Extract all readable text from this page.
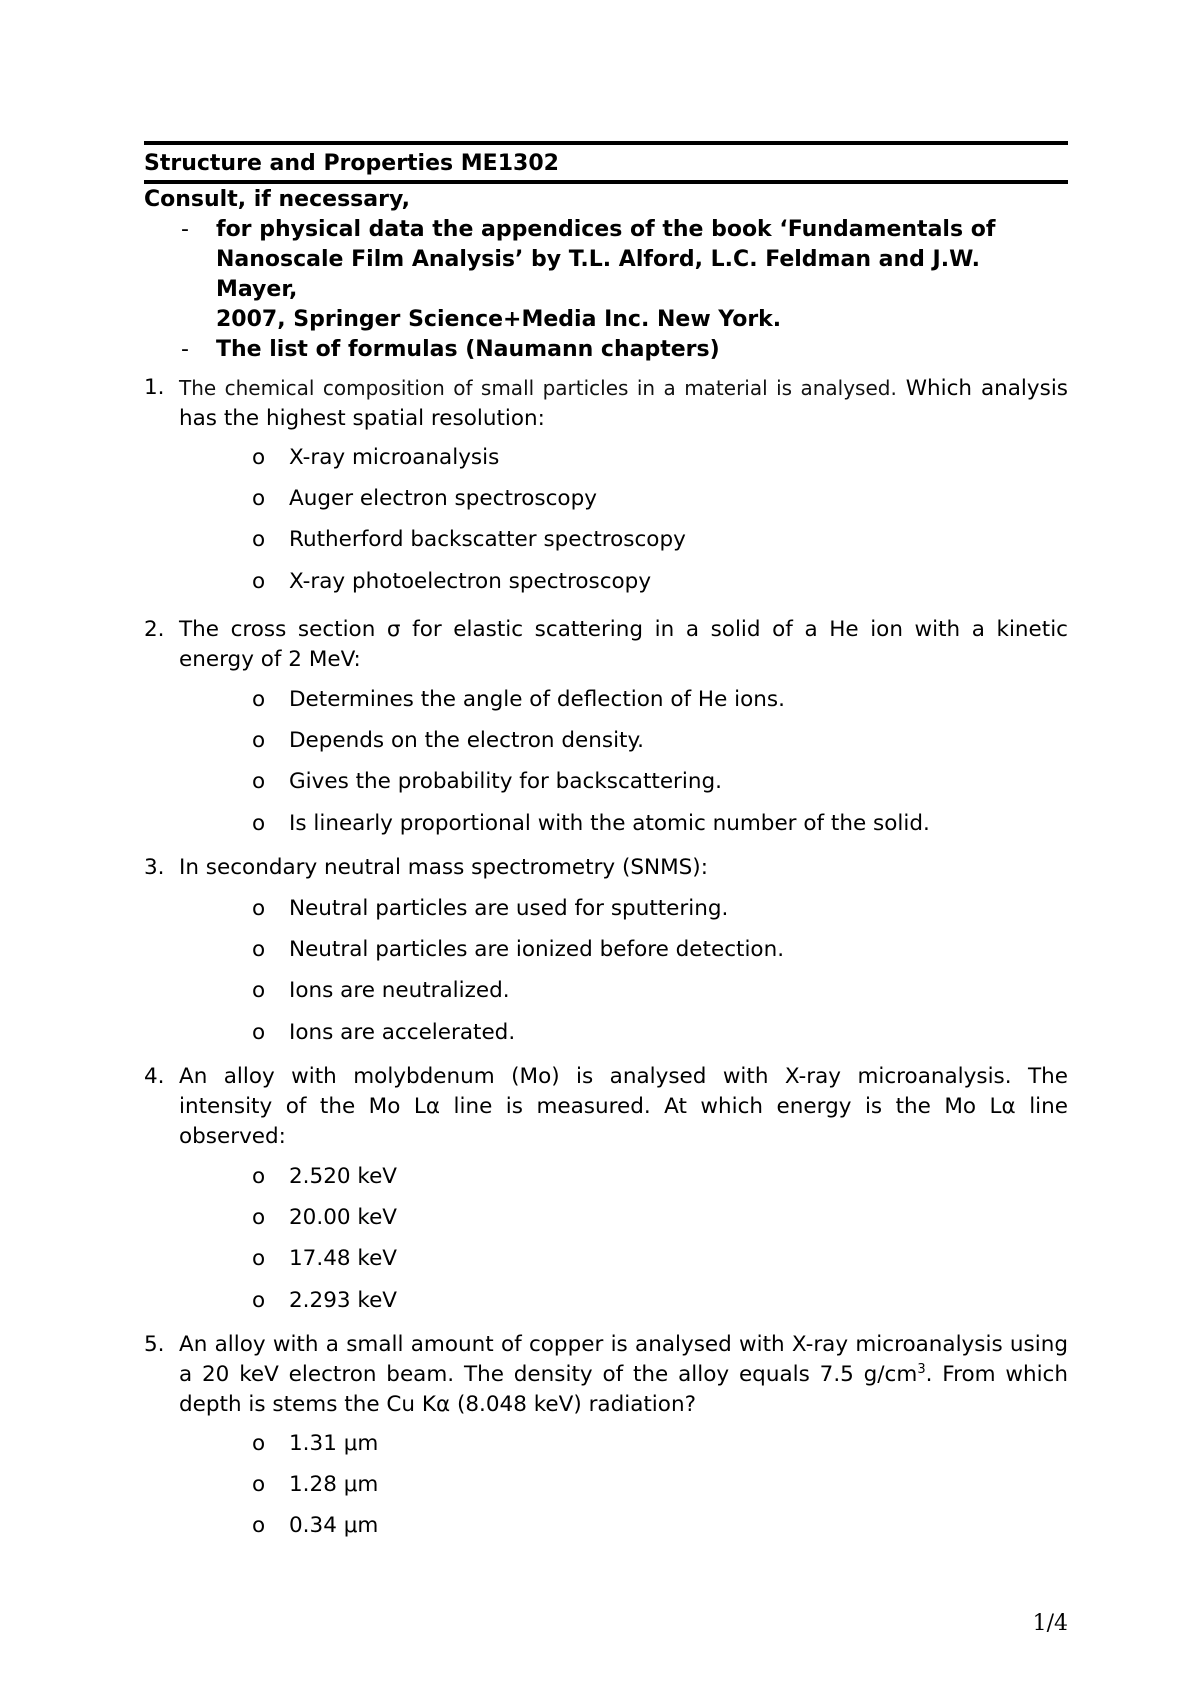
Structure and Properties ME1302
Consult, if necessary,
- for physical data the appendices of the book ‘Fundamentals of
Nanoscale Film Analysis’ by T.L. Alford, L.C. Feldman and J.W. Mayer,
2007, Springer Science+Media Inc. New York.
- The list of formulas (Naumann chapters)
1. The chemical composition of small particles in a material is analysed. Which analysis has the highest spatial resolution:
o X-ray microanalysis
o Auger electron spectroscopy
o Rutherford backscatter spectroscopy
o X-ray photoelectron spectroscopy
2. The cross section σ for elastic scattering in a solid of a He ion with a kinetic energy of 2 MeV:
o Determines the angle of deflection of He ions.
o Depends on the electron density.
o Gives the probability for backscattering.
o Is linearly proportional with the atomic number of the solid.
3. In secondary neutral mass spectrometry (SNMS):
o Neutral particles are used for sputtering.
o Neutral particles are ionized before detection.
o Ions are neutralized.
o Ions are accelerated.
4. An alloy with molybdenum (Mo) is analysed with X-ray microanalysis. The intensity of the Mo Lα line is measured. At which energy is the Mo Lα line observed:
o 2.520 keV
o 20.00 keV
o 17.48 keV
o 2.293 keV
5. An alloy with a small amount of copper is analysed with X-ray microanalysis using a 20 keV electron beam. The density of the alloy equals 7.5 $g/cm^3$. From which depth is stems the Cu Kα (8.048 keV) radiation?
o 1.31 μm
o 1.28 μm
o 0.34 μm
1/4
